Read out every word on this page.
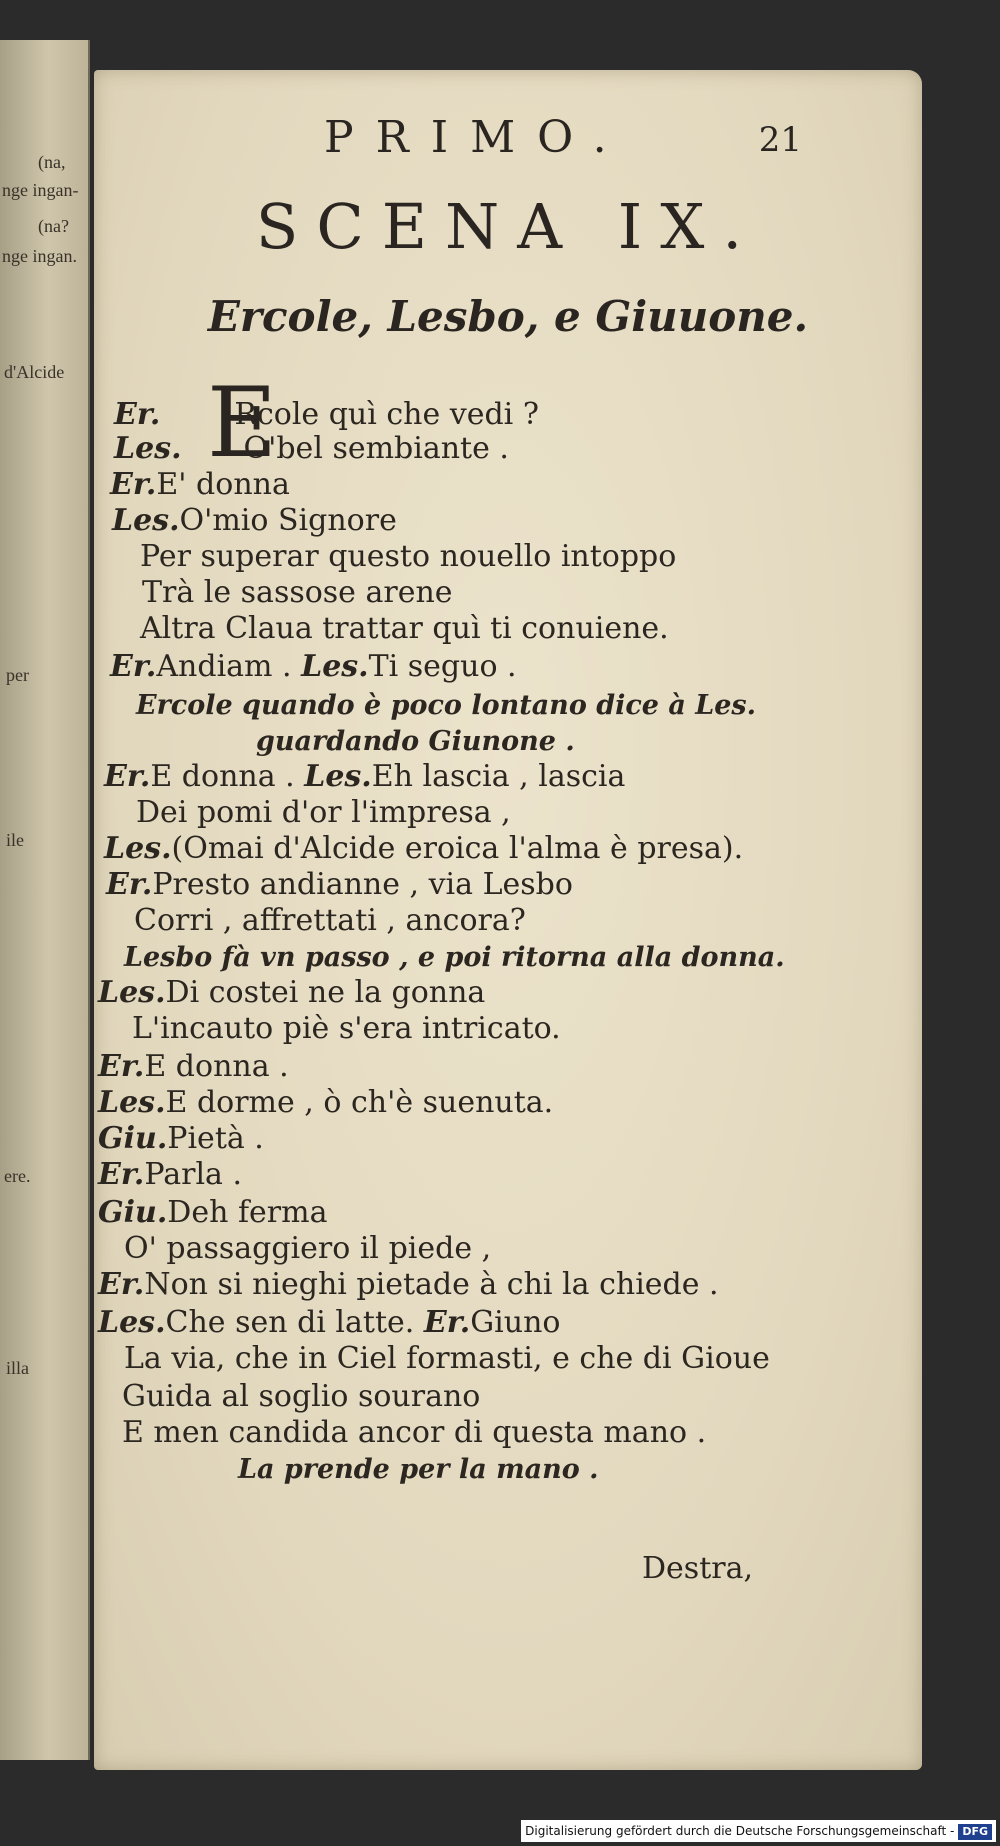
(na,
nge ingan-
(na?
nge ingan.
d'Alcide
per
ile
ere.
illa
PRIMO.	21
SCENA IX.
Ercole, Lesbo, e Giuuone.
E
Er. Rcole quì che vedi ?
Les. O'bel sembiante .
Er.E' donna
Les.O'mio Signore
Per superar questo nouello intoppo
Trà le sassose arene
Altra Claua trattar quì ti conuiene.
Er.Andiam . Les.Ti seguo .
Ercole quando è poco lontano dice à Les.
guardando Giunone .
Er.E donna . Les.Eh lascia , lascia
Dei pomi d'or l'impresa ,
Les.(Omai d'Alcide eroica l'alma è presa).
Er.Presto andianne , via Lesbo
Corri , affrettati , ancora?
Lesbo fà vn passo , e poi ritorna alla donna.
Les.Di costei ne la gonna
L'incauto piè s'era intricato.
Er.E donna .
Les.E dorme , ò ch'è suenuta.
Giu.Pietà .
Er.Parla .
Giu.Deh ferma
O' passaggiero il piede ,
Er.Non si nieghi pietade à chi la chiede .
Les.Che sen di latte. Er.Giuno
La via, che in Ciel formasti, e che di Gioue
Guida al soglio sourano
E men candida ancor di questa mano .
La prende per la mano .
Destra,
Digitalisierung gefördert durch die Deutsche Forschungsgemeinschaft - DFG
